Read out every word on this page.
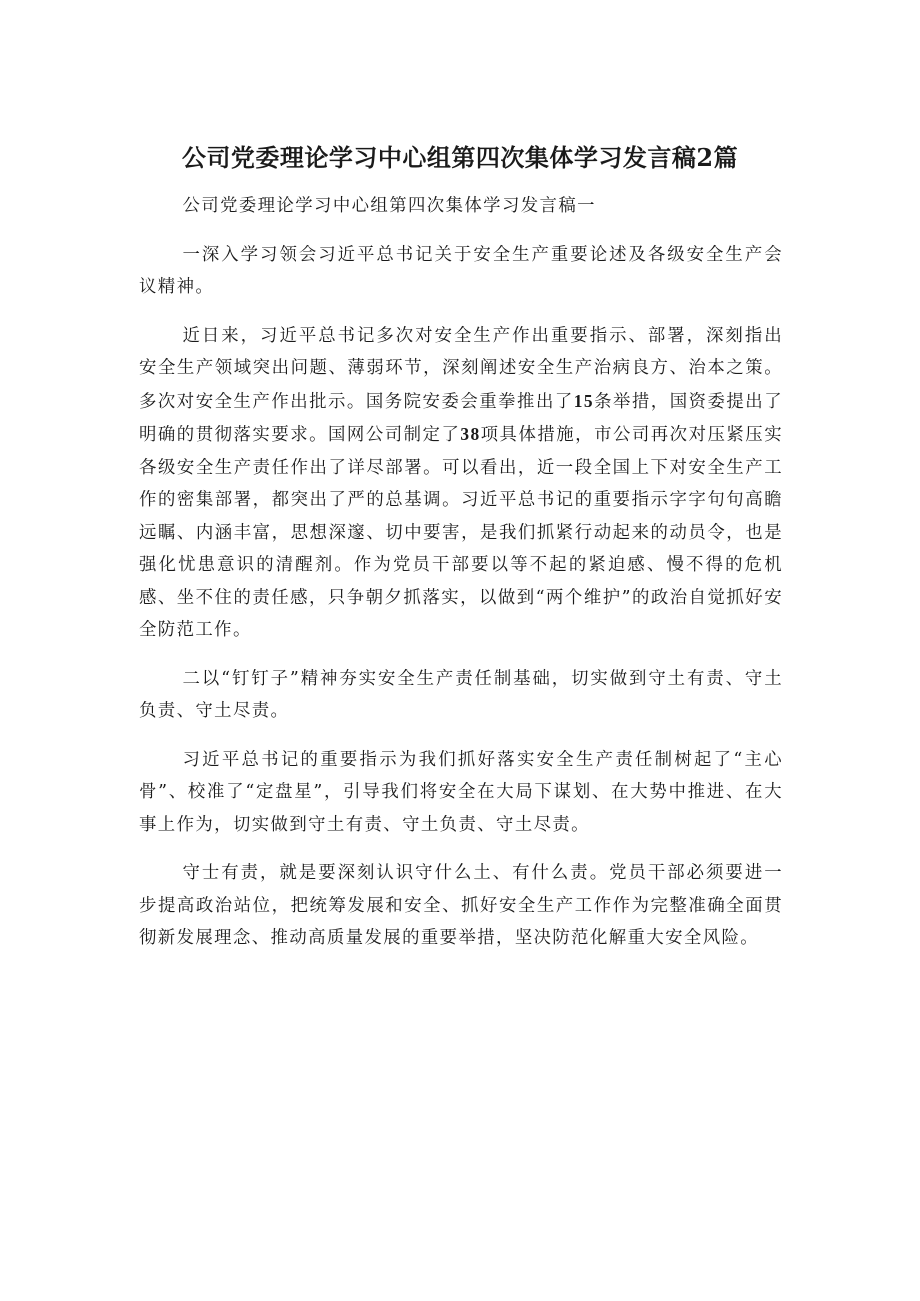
公司党委理论学习中心组第四次集体学习发言稿2篇

公司党委理论学习中心组第四次集体学习发言稿一

一深入学习领会习近平总书记关于安全生产重要论述及各级安全生产会议精神。

近日来，习近平总书记多次对安全生产作出重要指示、部署，深刻指出安全生产领域突出问题、薄弱环节，深刻阐述安全生产治病良方、治本之策。多次对安全生产作出批示。国务院安委会重拳推出了15条举措，国资委提出了明确的贯彻落实要求。国网公司制定了38项具体措施，市公司再次对压紧压实各级安全生产责任作出了详尽部署。可以看出，近一段全国上下对安全生产工作的密集部署，都突出了严的总基调。习近平总书记的重要指示字字句句高瞻远瞩、内涵丰富，思想深邃、切中要害，是我们抓紧行动起来的动员令，也是强化忧患意识的清醒剂。作为党员干部要以等不起的紧迫感、慢不得的危机感、坐不住的责任感，只争朝夕抓落实，以做到“两个维护”的政治自觉抓好安全防范工作。

二以“钉钉子”精神夯实安全生产责任制基础，切实做到守土有责、守土负责、守土尽责。

习近平总书记的重要指示为我们抓好落实安全生产责任制树起了“主心骨”、校准了“定盘星”，引导我们将安全在大局下谋划、在大势中推进、在大事上作为，切实做到守土有责、守土负责、守土尽责。

守士有责，就是要深刻认识守什么土、有什么责。党员干部必须要进一步提高政治站位，把统筹发展和安全、抓好安全生产工作作为完整准确全面贯彻新发展理念、推动高质量发展的重要举措，坚决防范化解重大安全风险。
